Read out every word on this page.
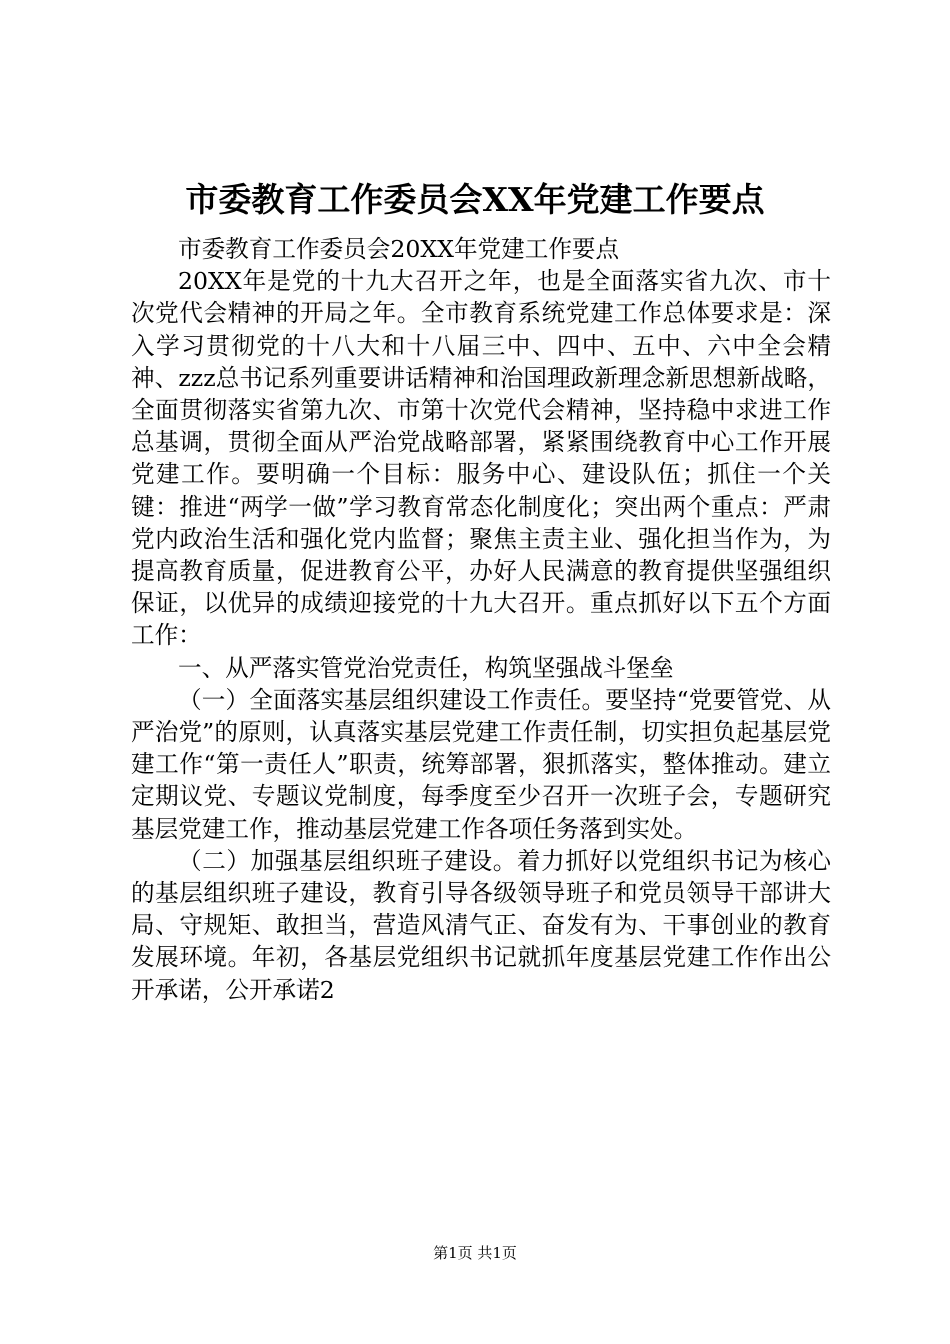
市委教育工作委员会XX年党建工作要点

市委教育工作委员会20XX年党建工作要点

20XX年是党的十九大召开之年，也是全面落实省九次、市十次党代会精神的开局之年。全市教育系统党建工作总体要求是：深入学习贯彻党的十八大和十八届三中、四中、五中、六中全会精神、zzz总书记系列重要讲话精神和治国理政新理念新思想新战略，全面贯彻落实省第九次、市第十次党代会精神，坚持稳中求进工作总基调，贯彻全面从严治党战略部署，紧紧围绕教育中心工作开展党建工作。要明确一个目标：服务中心、建设队伍；抓住一个关键：推进“两学一做”学习教育常态化制度化；突出两个重点：严肃党内政治生活和强化党内监督；聚焦主责主业、强化担当作为，为提高教育质量，促进教育公平，办好人民满意的教育提供坚强组织保证，以优异的成绩迎接党的十九大召开。重点抓好以下五个方面工作：

一、从严落实管党治党责任，构筑坚强战斗堡垒

（一）全面落实基层组织建设工作责任。要坚持“党要管党、从严治党”的原则，认真落实基层党建工作责任制，切实担负起基层党建工作“第一责任人”职责，统筹部署，狠抓落实，整体推动。建立定期议党、专题议党制度，每季度至少召开一次班子会，专题研究基层党建工作，推动基层党建工作各项任务落到实处。

（二）加强基层组织班子建设。着力抓好以党组织书记为核心的基层组织班子建设，教育引导各级领导班子和党员领导干部讲大局、守规矩、敢担当，营造风清气正、奋发有为、干事创业的教育发展环境。年初，各基层党组织书记就抓年度基层党建工作作出公开承诺，公开承诺2

第1页 共1页
